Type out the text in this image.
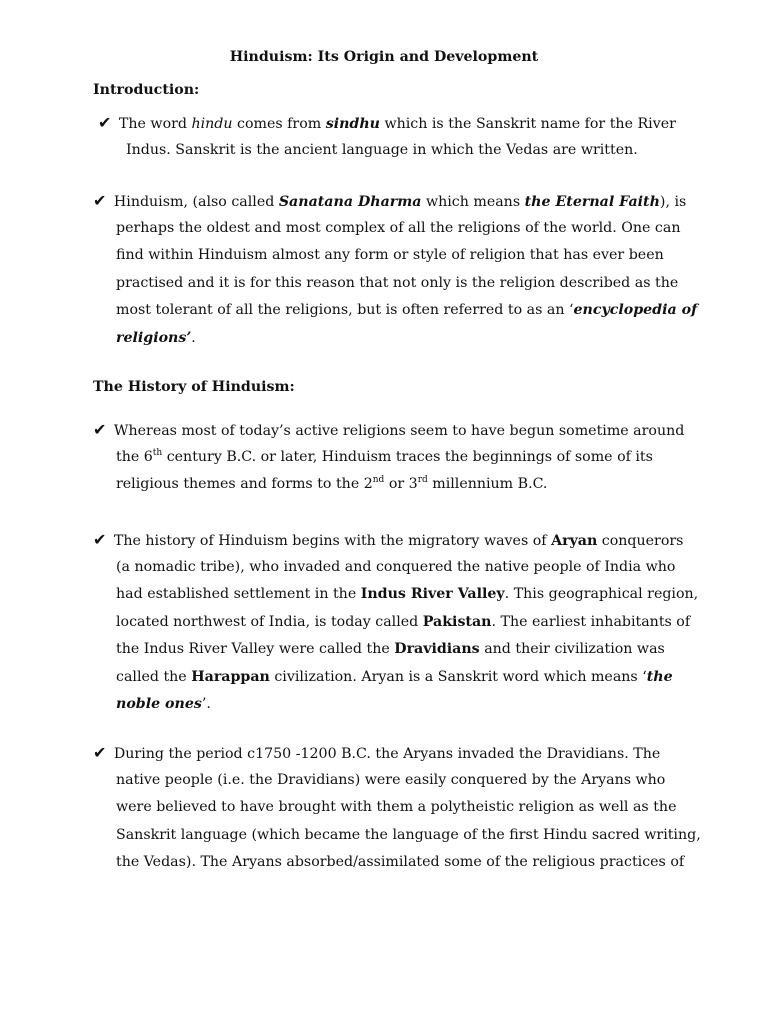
Hinduism: Its Origin and Development
Introduction:
✔ The word hindu comes from sindhu which is the Sanskrit name for the River
Indus. Sanskrit is the ancient language in which the Vedas are written.
✔ Hinduism, (also called Sanatana Dharma which means the Eternal Faith), is
perhaps the oldest and most complex of all the religions of the world. One can
find within Hinduism almost any form or style of religion that has ever been
practised and it is for this reason that not only is the religion described as the
most tolerant of all the religions, but is often referred to as an ‘encyclopedia of
religions’.
The History of Hinduism:
✔ Whereas most of today’s active religions seem to have begun sometime around
the 6th century B.C. or later, Hinduism traces the beginnings of some of its
religious themes and forms to the 2nd or 3rd millennium B.C.
✔ The history of Hinduism begins with the migratory waves of Aryan conquerors
(a nomadic tribe), who invaded and conquered the native people of India who
had established settlement in the Indus River Valley. This geographical region,
located northwest of India, is today called Pakistan. The earliest inhabitants of
the Indus River Valley were called the Dravidians and their civilization was
called the Harappan civilization. Aryan is a Sanskrit word which means ‘the
noble ones’.
✔ During the period c1750 -1200 B.C. the Aryans invaded the Dravidians. The
native people (i.e. the Dravidians) were easily conquered by the Aryans who
were believed to have brought with them a polytheistic religion as well as the
Sanskrit language (which became the language of the first Hindu sacred writing,
the Vedas). The Aryans absorbed/assimilated some of the religious practices of
